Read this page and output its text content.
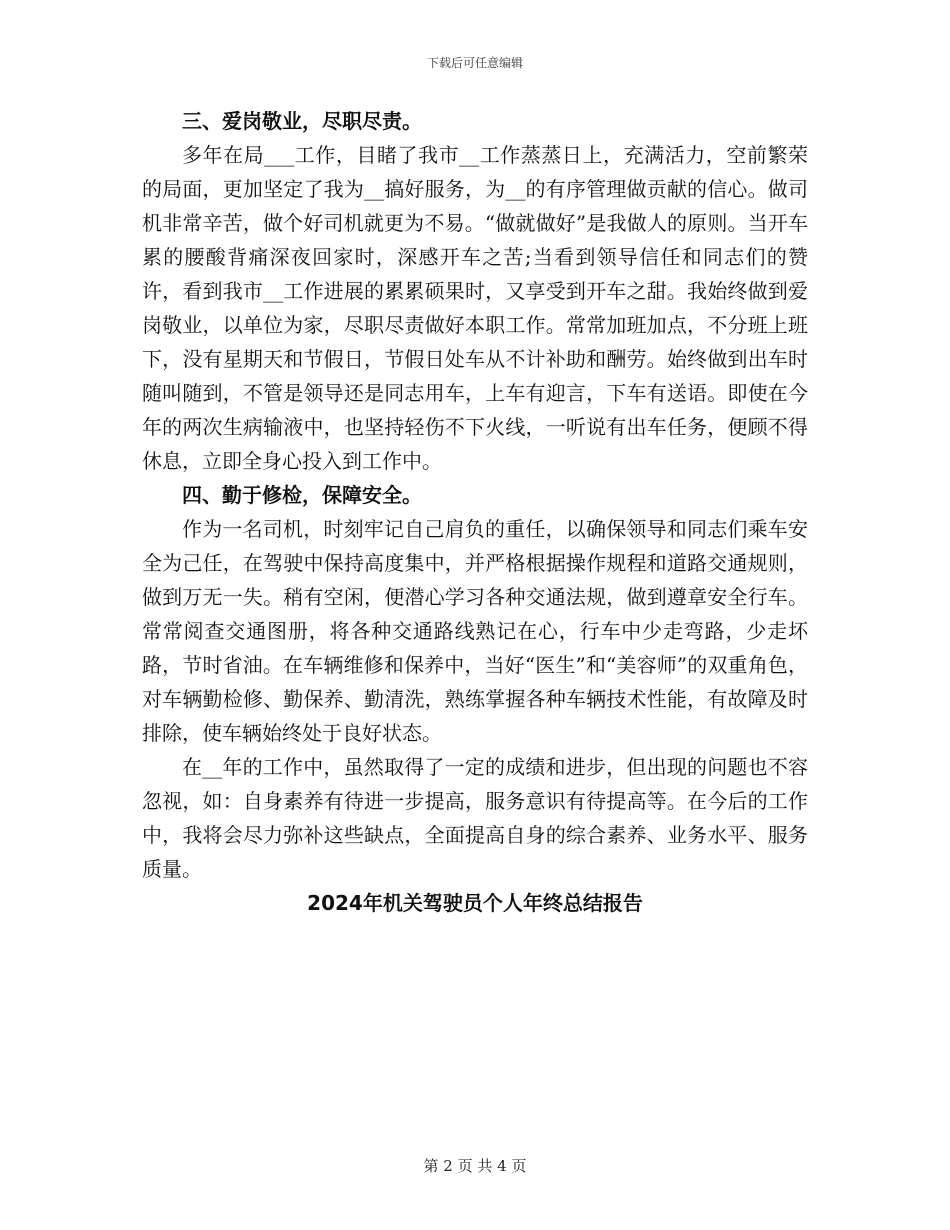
下载后可任意编辑

三、爱岗敬业，尽职尽责。

多年在局___工作，目睹了我市__工作蒸蒸日上，充满活力，空前繁荣的局面，更加坚定了我为__搞好服务，为__的有序管理做贡献的信心。做司机非常辛苦，做个好司机就更为不易。“做就做好”是我做人的原则。当开车累的腰酸背痛深夜回家时，深感开车之苦;当看到领导信任和同志们的赞许，看到我市__工作进展的累累硕果时，又享受到开车之甜。我始终做到爱岗敬业，以单位为家，尽职尽责做好本职工作。常常加班加点，不分班上班下，没有星期天和节假日，节假日处车从不计补助和酬劳。始终做到出车时随叫随到，不管是领导还是同志用车，上车有迎言，下车有送语。即使在今年的两次生病输液中，也坚持轻伤不下火线，一听说有出车任务，便顾不得休息，立即全身心投入到工作中。

四、勤于修检，保障安全。

作为一名司机，时刻牢记自己肩负的重任，以确保领导和同志们乘车安全为己任，在驾驶中保持高度集中，并严格根据操作规程和道路交通规则，做到万无一失。稍有空闲，便潜心学习各种交通法规，做到遵章安全行车。常常阅查交通图册，将各种交通路线熟记在心，行车中少走弯路，少走坏路，节时省油。在车辆维修和保养中，当好“医生”和“美容师”的双重角色，对车辆勤检修、勤保养、勤清洗，熟练掌握各种车辆技术性能，有故障及时排除，使车辆始终处于良好状态。

在__年的工作中，虽然取得了一定的成绩和进步，但出现的问题也不容忽视，如：自身素养有待进一步提高，服务意识有待提高等。在今后的工作中，我将会尽力弥补这些缺点，全面提高自身的综合素养、业务水平、服务质量。

2024年机关驾驶员个人年终总结报告

第 2 页 共 4 页
